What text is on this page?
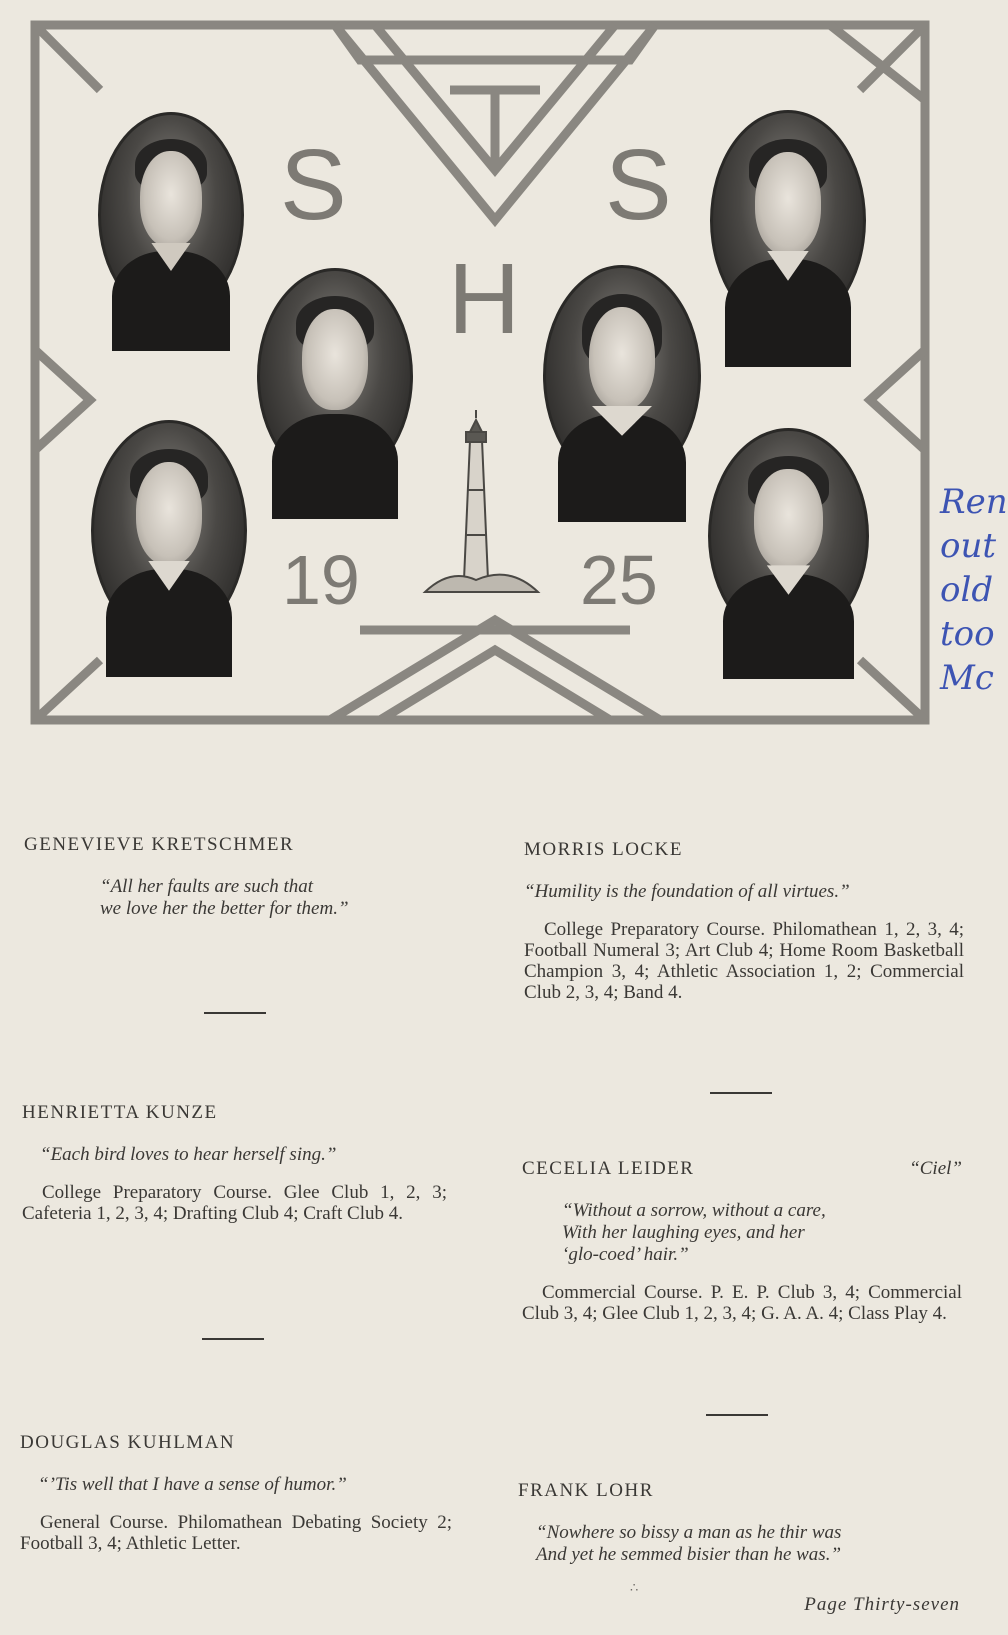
S
H
S
19	25
Ren
out
old
too
Mc
GENEVIEVE KRETSCHMER
“All her faults are such that
we love her the better for them.”
HENRIETTA KUNZE
“Each bird loves to hear herself sing.”
College Preparatory Course. Glee Club 1, 2, 3; Cafeteria 1, 2, 3, 4; Drafting Club 4; Craft Club 4.
DOUGLAS KUHLMAN
“’Tis well that I have a sense of humor.”
General Course. Philomathean Debating Society 2; Football 3, 4; Athletic Letter.
MORRIS LOCKE
“Humility is the foundation of all virtues.”
College Preparatory Course. Philomathean 1, 2, 3, 4; Football Numeral 3; Art Club 4; Home Room Basketball Champion 3, 4; Athletic Association 1, 2; Commercial Club 2, 3, 4; Band 4.
CECELIA LEIDER	“Ciel”
“Without a sorrow, without a care,
With her laughing eyes, and her
‘glo-coed’ hair.”
Commercial Course. P. E. P. Club 3, 4; Commercial Club 3, 4; Glee Club 1, 2, 3, 4; G. A. A. 4; Class Play 4.
FRANK LOHR
“Nowhere so bissy a man as he thir was
And yet he semmed bisier than he was.”
∴
Page Thirty-seven
